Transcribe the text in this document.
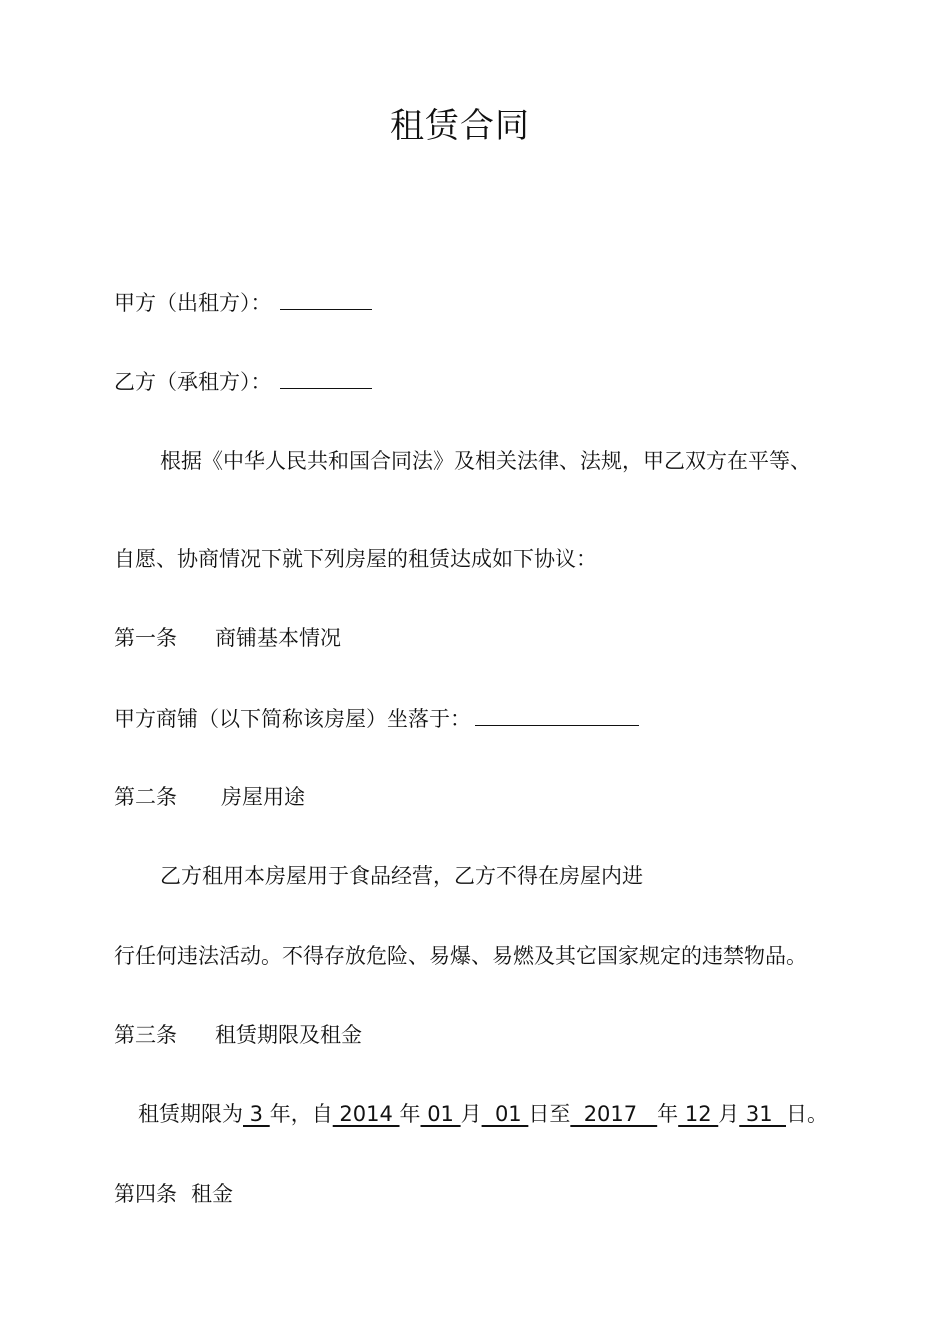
租赁合同
甲方（出租方）：
乙方（承租方）：
根据《中华人民共和国合同法》及相关法律、法规，甲乙双方在平等、
自愿、协商情况下就下列房屋的租赁达成如下协议：
第一条 商铺基本情况
甲方商铺（以下简称该房屋）坐落于：
第二条 房屋用途
乙方租用本房屋用于食品经营，乙方不得在房屋内进
行任何违法活动。不得存放危险、易爆、易燃及其它国家规定的违禁物品。
第三条 租赁期限及租金
租赁期限为 3 年，自 2014 年 01 月  01 日至  2017   年 12 月 31  日。
第四条 租金
